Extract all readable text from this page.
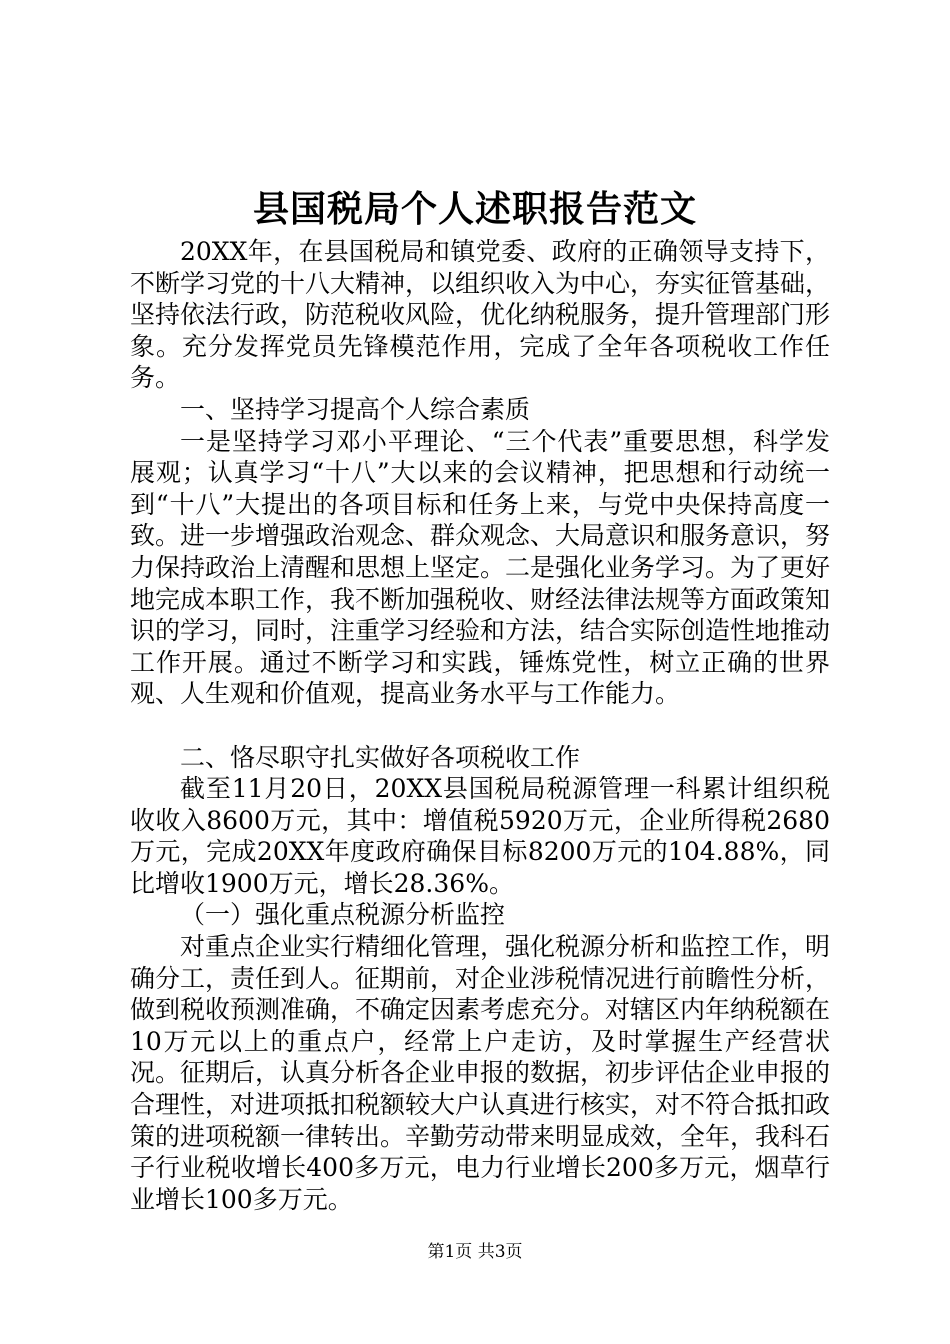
县国税局个人述职报告范文

20XX年，在县国税局和镇党委、政府的正确领导支持下，不断学习党的十八大精神，以组织收入为中心，夯实征管基础，坚持依法行政，防范税收风险，优化纳税服务，提升管理部门形象。充分发挥党员先锋模范作用，完成了全年各项税收工作任务。

一、坚持学习提高个人综合素质

一是坚持学习邓小平理论、“三个代表”重要思想，科学发展观；认真学习“十八”大以来的会议精神，把思想和行动统一到“十八”大提出的各项目标和任务上来，与党中央保持高度一致。进一步增强政治观念、群众观念、大局意识和服务意识，努力保持政治上清醒和思想上坚定。二是强化业务学习。为了更好地完成本职工作，我不断加强税收、财经法律法规等方面政策知识的学习，同时，注重学习经验和方法，结合实际创造性地推动工作开展。通过不断学习和实践，锤炼党性，树立正确的世界观、人生观和价值观，提高业务水平与工作能力。

二、恪尽职守扎实做好各项税收工作

截至11月20日，20XX县国税局税源管理一科累计组织税收收入8600万元，其中：增值税5920万元，企业所得税2680万元，完成20XX年度政府确保目标8200万元的104.88%，同比增收1900万元，增长28.36%。

（一）强化重点税源分析监控

对重点企业实行精细化管理，强化税源分析和监控工作，明确分工，责任到人。征期前，对企业涉税情况进行前瞻性分析，做到税收预测准确，不确定因素考虑充分。对辖区内年纳税额在10万元以上的重点户，经常上户走访，及时掌握生产经营状况。征期后，认真分析各企业申报的数据，初步评估企业申报的合理性，对进项抵扣税额较大户认真进行核实，对不符合抵扣政策的进项税额一律转出。辛勤劳动带来明显成效，全年，我科石子行业税收增长400多万元，电力行业增长200多万元，烟草行业增长100多万元。

第1页 共3页
